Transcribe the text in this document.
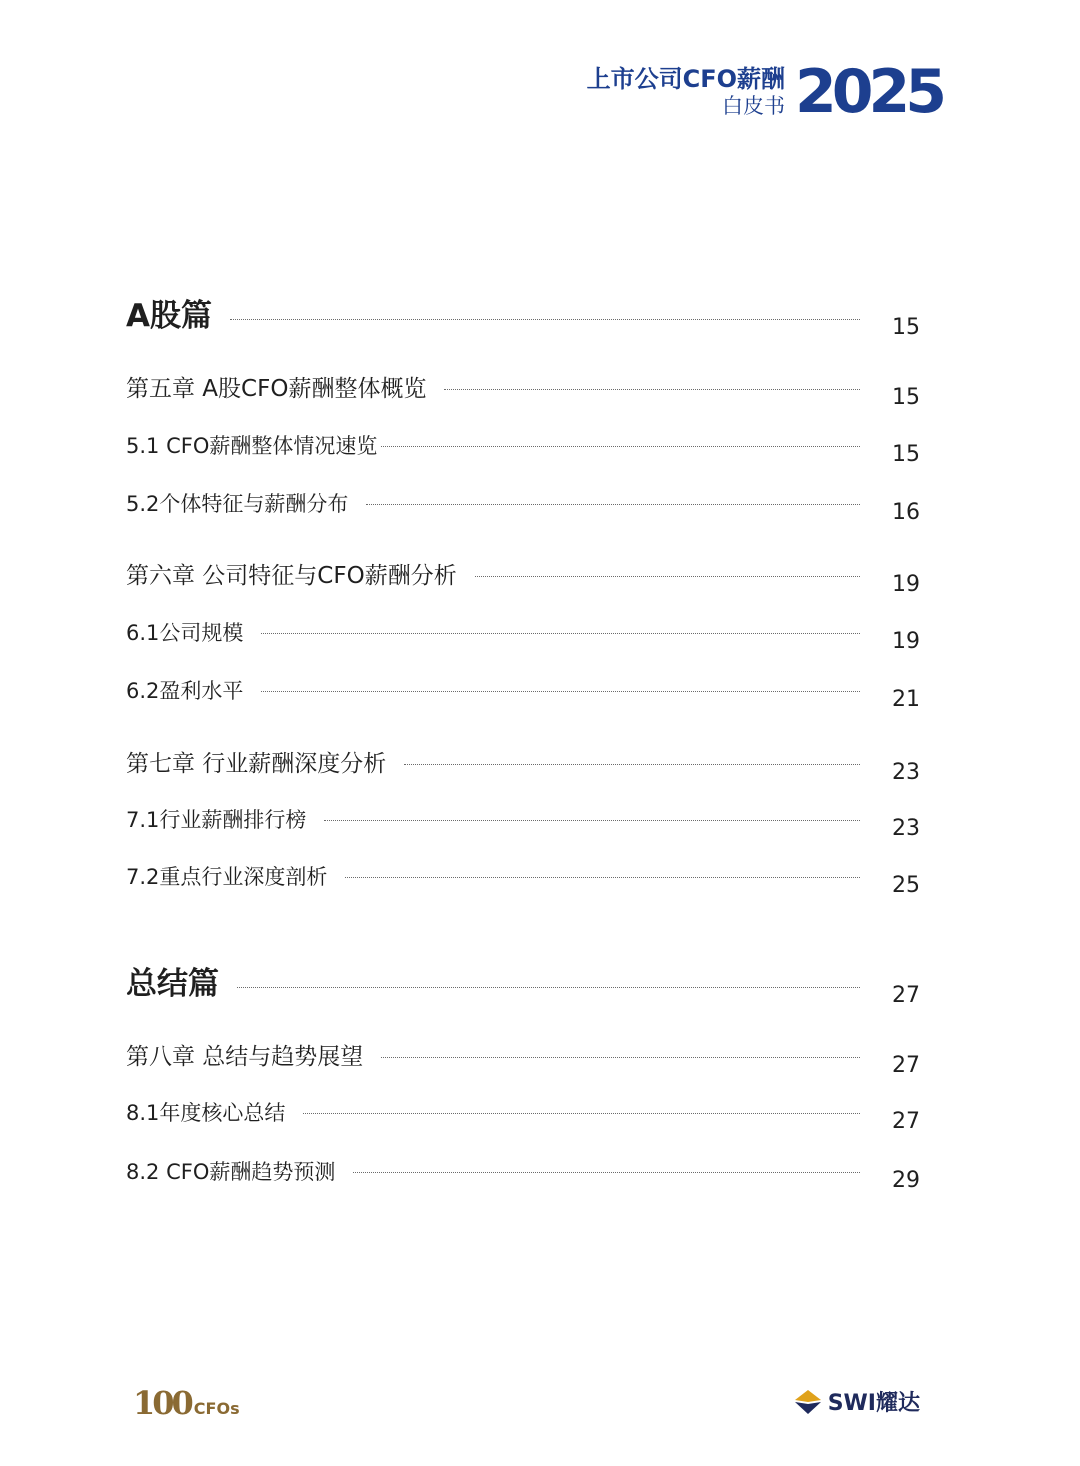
上市公司CFO薪酬
白皮书 2025
A股篇	15
第五章 A股CFO薪酬整体概览	15
5.1 CFO薪酬整体情况速览	15
5.2个体特征与薪酬分布	16
第六章 公司特征与CFO薪酬分析	19
6.1公司规模	19
6.2盈利水平	21
第七章 行业薪酬深度分析	23
7.1行业薪酬排行榜	23
7.2重点行业深度剖析	25
总结篇	27
第八章 总结与趋势展望	27
8.1年度核心总结	27
8.2 CFO薪酬趋势预测	29
100 CFOs	SWI耀达
